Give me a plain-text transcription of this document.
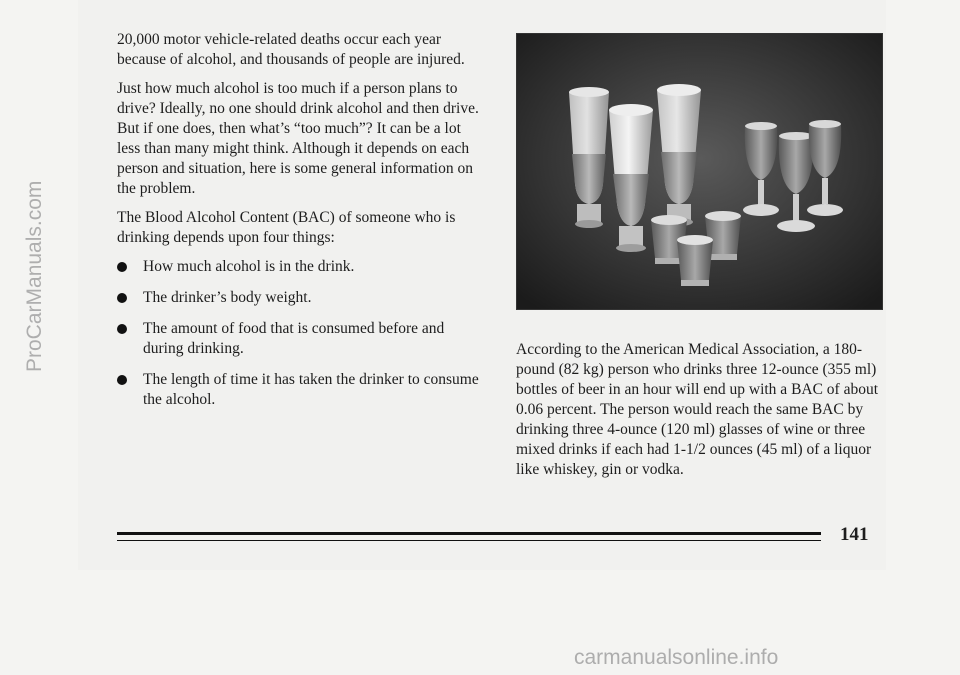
20,000 motor vehicle-related deaths occur each year because of alcohol, and thousands of people are injured.

Just how much alcohol is too much if a person plans to drive? Ideally, no one should drink alcohol and then drive. But if one does, then what’s “too much”? It can be a lot less than many might think. Although it depends on each person and situation, here is some general information on the problem.

The Blood Alcohol Content (BAC) of someone who is drinking depends upon four things:

How much alcohol is in the drink.
The drinker’s body weight.
The amount of food that is consumed before and during drinking.
The length of time it has taken the drinker to consume the alcohol.

According to the American Medical Association, a 180-pound (82 kg) person who drinks three 12-ounce (355 ml) bottles of beer in an hour will end up with a BAC of about 0.06 percent. The person would reach the same BAC by drinking three 4-ounce (120 ml) glasses of wine or three mixed drinks if each had 1-1/2 ounces (45 ml) of a liquor like whiskey, gin or vodka.

141
ProCarManuals.com
carmanualsonline.info
